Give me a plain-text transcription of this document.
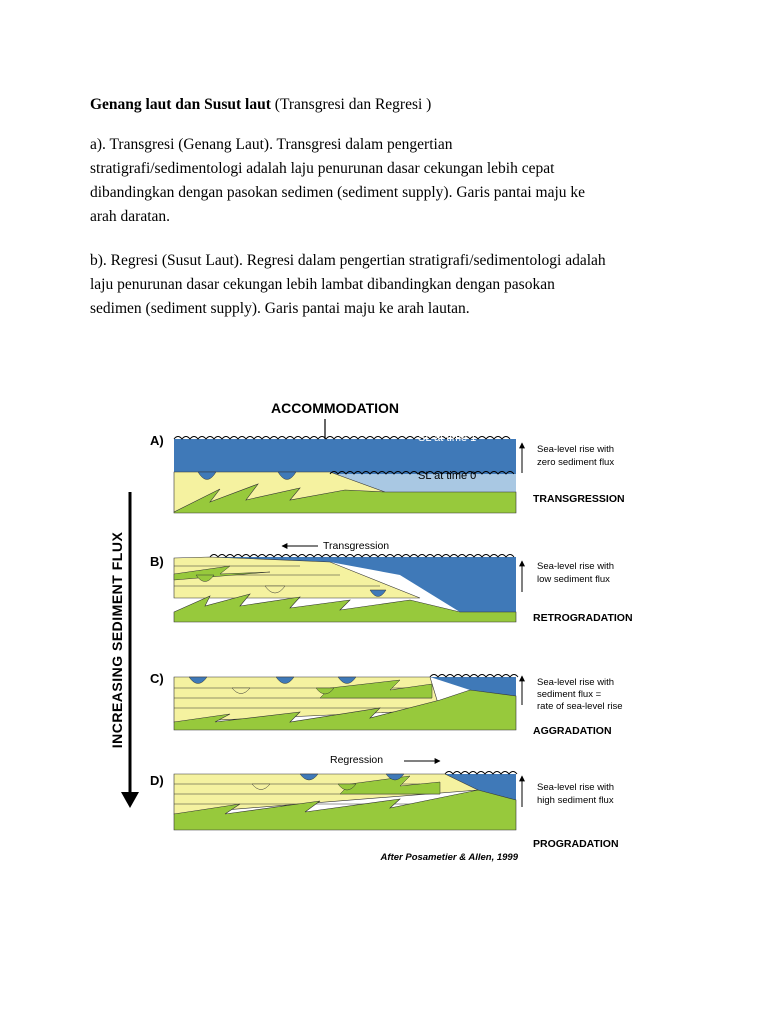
Genang laut dan Susut laut (Transgresi dan Regresi )

a). Transgresi (Genang Laut). Transgresi dalam pengertian

stratigrafi/sedimentologi adalah laju penurunan dasar cekungan lebih cepat

dibandingkan dengan pasokan sedimen (sediment supply). Garis pantai maju ke

arah daratan.

b). Regresi (Susut Laut). Regresi dalam pengertian stratigrafi/sedimentologi adalah

laju penurunan dasar cekungan lebih lambat dibandingkan dengan pasokan

sedimen (sediment supply). Garis pantai maju ke arah lautan.

ACCOMMODATION
INCREASING SEDIMENT FLUX
SL at time 1
SL at time 0
A)
Sea-level rise with
zero sediment flux
TRANSGRESSION
Transgression
B)	Sea-level rise with
low sediment flux
RETROGRADATION
C)	Sea-level rise with
sediment flux =
rate of sea-level rise
AGGRADATION
Regression
D)	Sea-level rise with
high sediment flux
PROGRADATION
After Posametier & Allen, 1999
